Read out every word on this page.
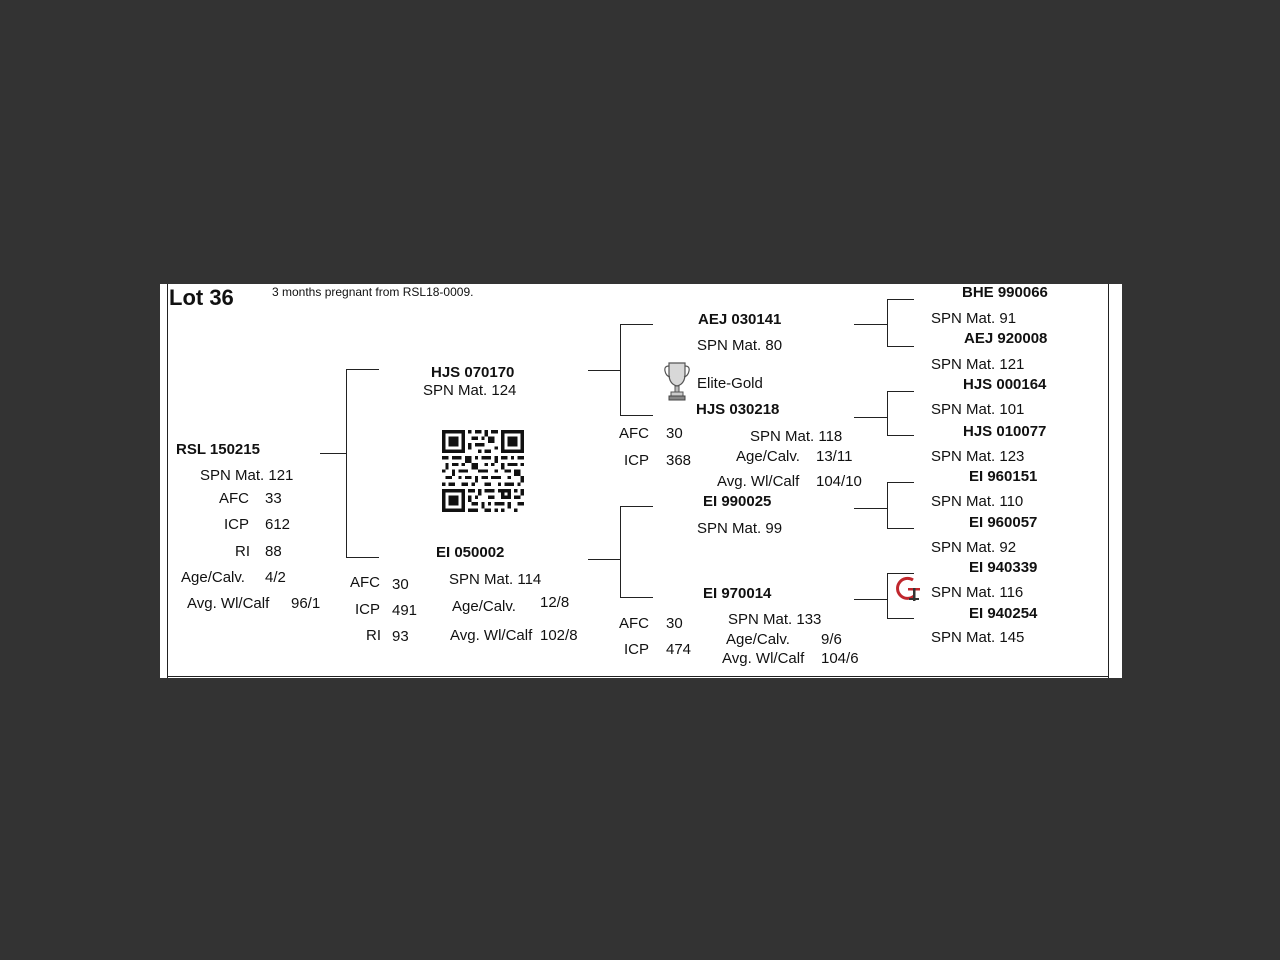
Lot 36	3 months pregnant from RSL18-0009.
RSL 150215
SPN Mat. 121
AFC 33
ICP 612
RI 88
Age/Calv. 4/2
Avg. Wl/Calf 96/1
HJS 070170
SPN Mat. 124
EI 050002
SPN Mat. 114
Age/Calv. 12/8
Avg. Wl/Calf 102/8
AFC 30
ICP 491
RI 93
AEJ 030141
SPN Mat. 80
Elite-Gold
HJS 030218
SPN Mat. 118
Age/Calv. 13/11
Avg. Wl/Calf 104/10
AFC 30
ICP 368
EI 990025
SPN Mat. 99
EI 970014
SPN Mat. 133
Age/Calv. 9/6
Avg. Wl/Calf 104/6
AFC 30
ICP 474
BHE 990066
SPN Mat. 91
AEJ 920008
SPN Mat. 121
HJS 000164
SPN Mat. 101
HJS 010077
SPN Mat. 123
EI 960151
SPN Mat. 110
EI 960057
SPN Mat. 92
EI 940339
SPN Mat. 116
EI 940254
SPN Mat. 145
